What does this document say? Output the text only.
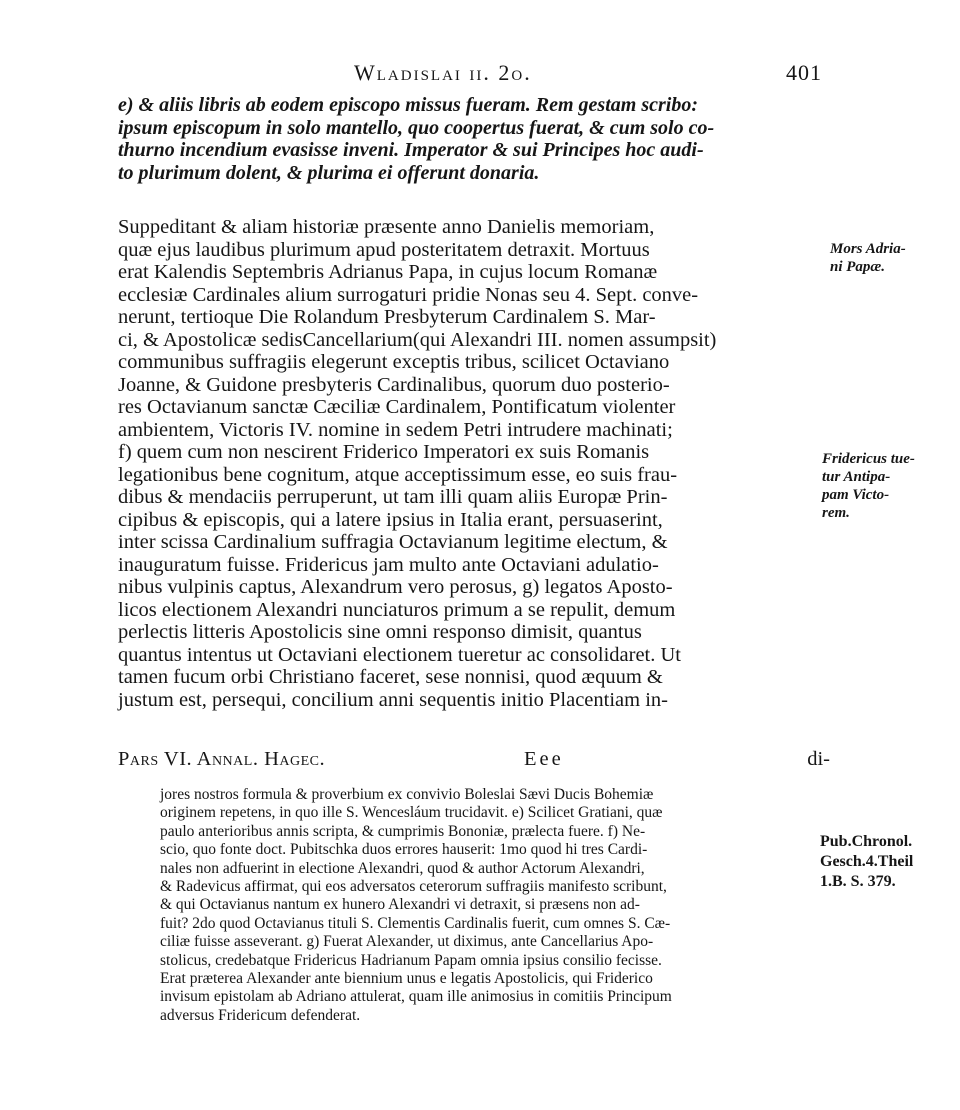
Wladislai ii. 2o.	401
e) & aliis libris ab eodem episcopo missus fueram. Rem gestam scribo:
ipsum episcopum in solo mantello, quo coopertus fuerat, & cum solo co-
thurno incendium evasisse inveni. Imperator & sui Principes hoc audi-
to plurimum dolent, & plurima ei offerunt donaria.
Suppeditant & aliam historiæ præsente anno Danielis memoriam,
quæ ejus laudibus plurimum apud posteritatem detraxit. Mortuus
erat Kalendis Septembris Adrianus Papa, in cujus locum Romanæ
ecclesiæ Cardinales alium surrogaturi pridie Nonas seu 4. Sept. conve-
nerunt, tertioque Die Rolandum Presbyterum Cardinalem S. Mar-
ci, & Apostolicæ sedisCancellarium(qui Alexandri III. nomen assumpsit)
communibus suffragiis elegerunt exceptis tribus, scilicet Octaviano
Joanne, & Guidone presbyteris Cardinalibus, quorum duo posterio-
res Octavianum sanctæ Cæciliæ Cardinalem, Pontificatum violenter
ambientem, Victoris IV. nomine in sedem Petri intrudere machinati;
f) quem cum non nescirent Friderico Imperatori ex suis Romanis
legationibus bene cognitum, atque acceptissimum esse, eo suis frau-
dibus & mendaciis perruperunt, ut tam illi quam aliis Europæ Prin-
cipibus & episcopis, qui a latere ipsius in Italia erant, persuaserint,
inter scissa Cardinalium suffragia Octavianum legitime electum, &
inauguratum fuisse. Fridericus jam multo ante Octaviani adulatio-
nibus vulpinis captus, Alexandrum vero perosus, g) legatos Aposto-
licos electionem Alexandri nunciaturos primum a se repulit, demum
perlectis litteris Apostolicis sine omni responso dimisit, quantus
quantus intentus ut Octaviani electionem tueretur ac consolidaret. Ut
tamen fucum orbi Christiano faceret, sese nonnisi, quod æquum &
justum est, persequi, concilium anni sequentis initio Placentiam in-
Pars VI. Annal. Hagec.	Eee	di-
jores nostros formula & proverbium ex convivio Boleslai Sævi Ducis Bohemiæ
originem repetens, in quo ille S. Wencesláum trucidavit. e) Scilicet Gratiani, quæ
paulo anterioribus annis scripta, & cumprimis Bononiæ, prælecta fuere. f) Ne-
scio, quo fonte doct. Pubitschka duos errores hauserit: 1mo quod hi tres Cardi-
nales non adfuerint in electione Alexandri, quod & author Actorum Alexandri,
& Radevicus affirmat, qui eos adversatos ceterorum suffragiis manifesto scribunt,
& qui Octavianus nantum ex hunero Alexandri vi detraxit, si præsens non ad-
fuit? 2do quod Octavianus tituli S. Clementis Cardinalis fuerit, cum omnes S. Cæ-
ciliæ fuisse asseverant. g) Fuerat Alexander, ut diximus, ante Cancellarius Apo-
stolicus, credebatque Fridericus Hadrianum Papam omnia ipsius consilio fecisse.
Erat præterea Alexander ante biennium unus e legatis Apostolicis, qui Friderico
invisum epistolam ab Adriano attulerat, quam ille animosius in comitiis Principum
adversus Fridericum defenderat.
Mors Adria-
ni Papæ.
Fridericus tue-
tur Antipa-
pam Victo-
rem.
Pub.Chronol.
Gesch.4.Theil
1.B. S. 379.
